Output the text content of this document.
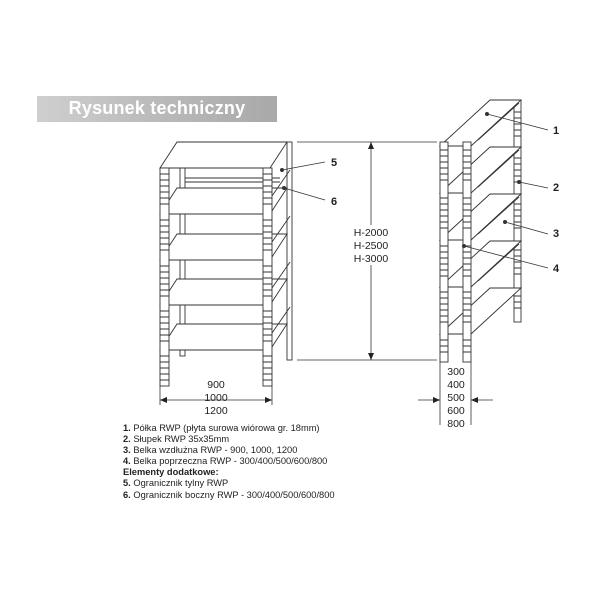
Rysunek techniczny
5
6
900
1000
1200
H-2000
H-2500
H-3000
1
2
3
4
300
400
500
600
800
1. Półka RWP (płyta surowa wiórowa gr. 18mm)
2. Słupek RWP 35x35mm
3. Belka wzdłużna RWP - 900, 1000, 1200
4. Belka poprzeczna RWP - 300/400/500/600/800
Elementy dodatkowe:
5. Ogranicznik tylny RWP
6. Ogranicznik boczny RWP - 300/400/500/600/800
